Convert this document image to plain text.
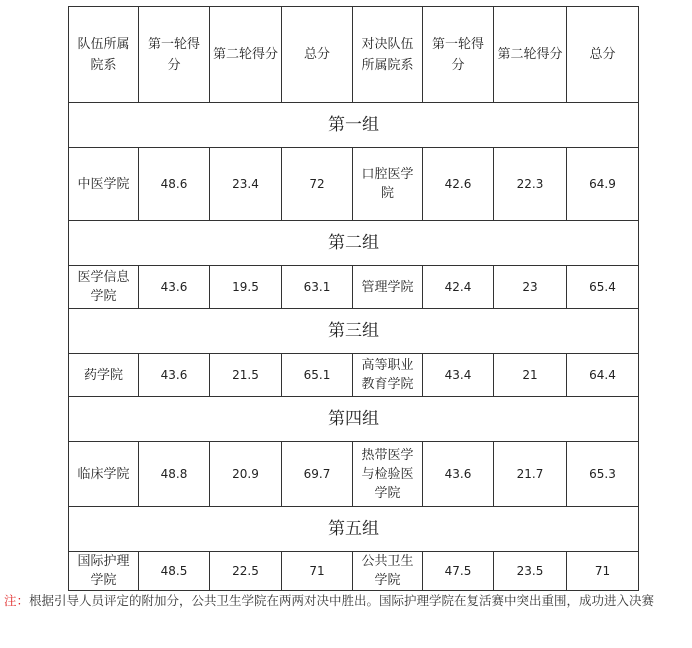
队伍所属院系	第一轮得分	第二轮得分	总分	对决队伍所属院系	第一轮得分	第二轮得分	总分
第一组							
中医学院	48.6	23.4	72	口腔医学院	42.6	22.3	64.9
第二组							
医学信息学院	43.6	19.5	63.1	管理学院	42.4	23	65.4
第三组							
药学院	43.6	21.5	65.1	高等职业教育学院	43.4	21	64.4
第四组							
临床学院	48.8	20.9	69.7	热带医学与检验医学院	43.6	21.7	65.3
第五组							
国际护理学院	48.5	22.5	71	公共卫生学院	47.5	23.5	71
注：根据引导人员评定的附加分，公共卫生学院在两两对决中胜出。国际护理学院在复活赛中突出重围，成功进入决赛
